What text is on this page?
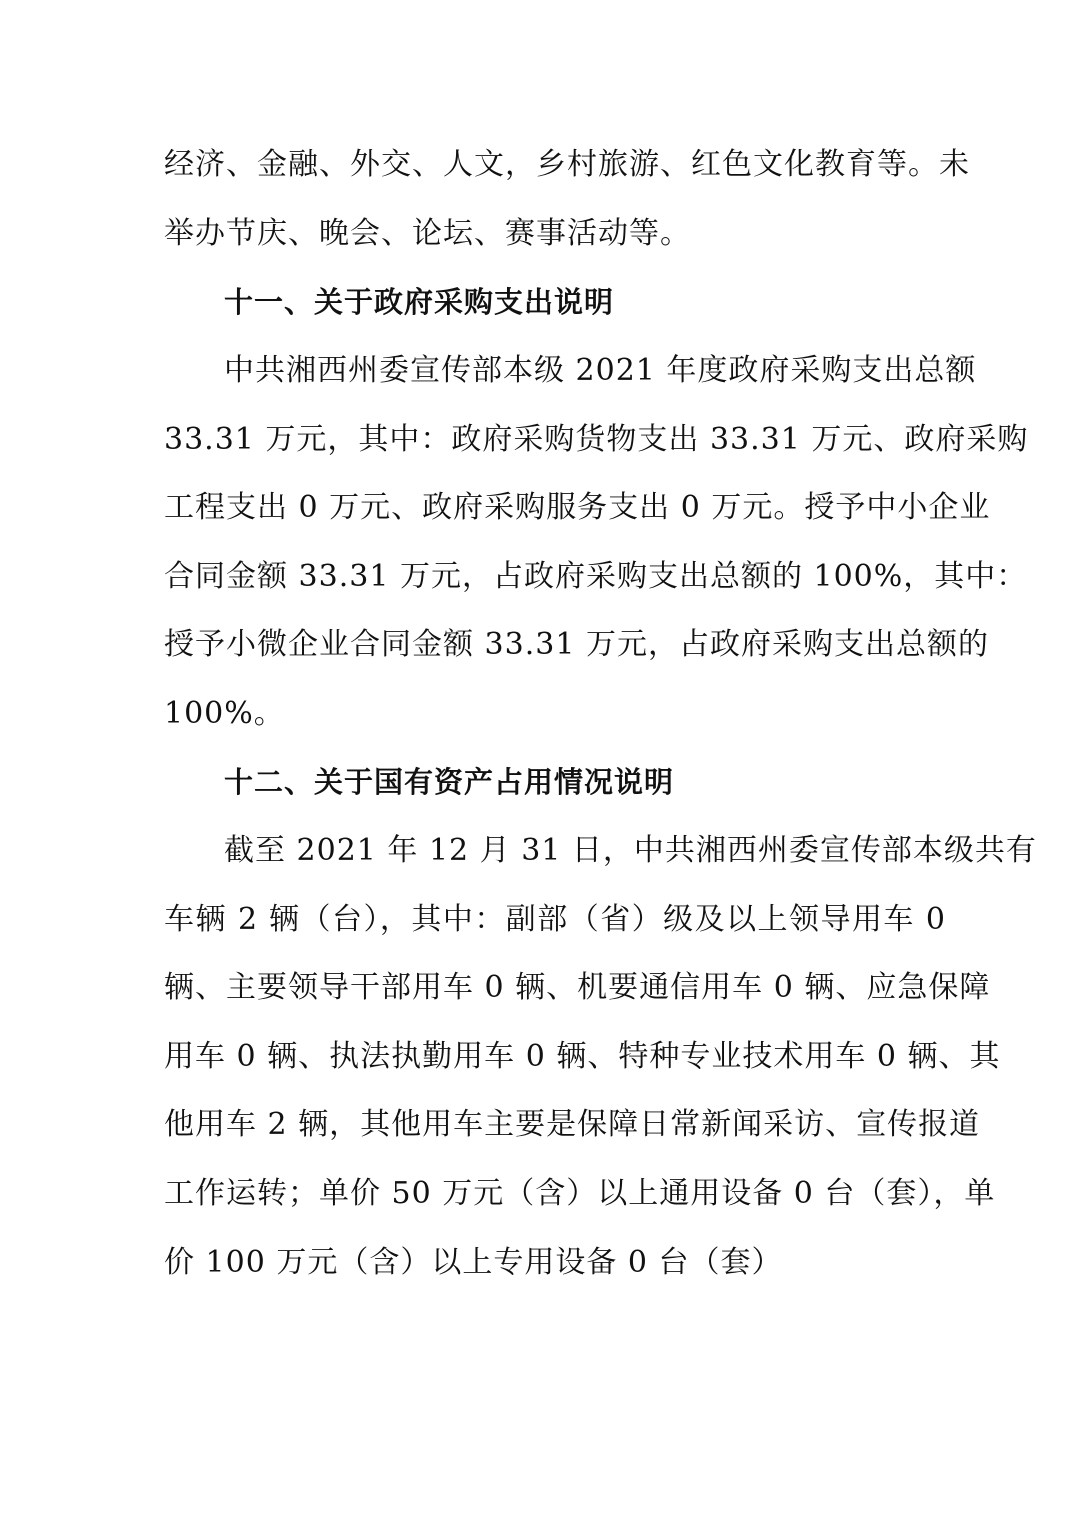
经济、金融、外交、人文，乡村旅游、红色文化教育等。未
举办节庆、晚会、论坛、赛事活动等。
十一、关于政府采购支出说明
中共湘西州委宣传部本级 2021 年度政府采购支出总额
33.31 万元，其中：政府采购货物支出 33.31 万元、政府采购
工程支出 0 万元、政府采购服务支出 0 万元。授予中小企业
合同金额 33.31 万元，占政府采购支出总额的 100%，其中：
授予小微企业合同金额 33.31 万元，占政府采购支出总额的
100%。
十二、关于国有资产占用情况说明
截至 2021 年 12 月 31 日，中共湘西州委宣传部本级共有
车辆 2 辆（台），其中：副部（省）级及以上领导用车 0
辆、主要领导干部用车 0 辆、机要通信用车 0 辆、应急保障
用车 0 辆、执法执勤用车 0 辆、特种专业技术用车 0 辆、其
他用车 2 辆，其他用车主要是保障日常新闻采访、宣传报道
工作运转；单价 50 万元（含）以上通用设备 0 台（套），单
价 100 万元（含）以上专用设备 0 台（套）
